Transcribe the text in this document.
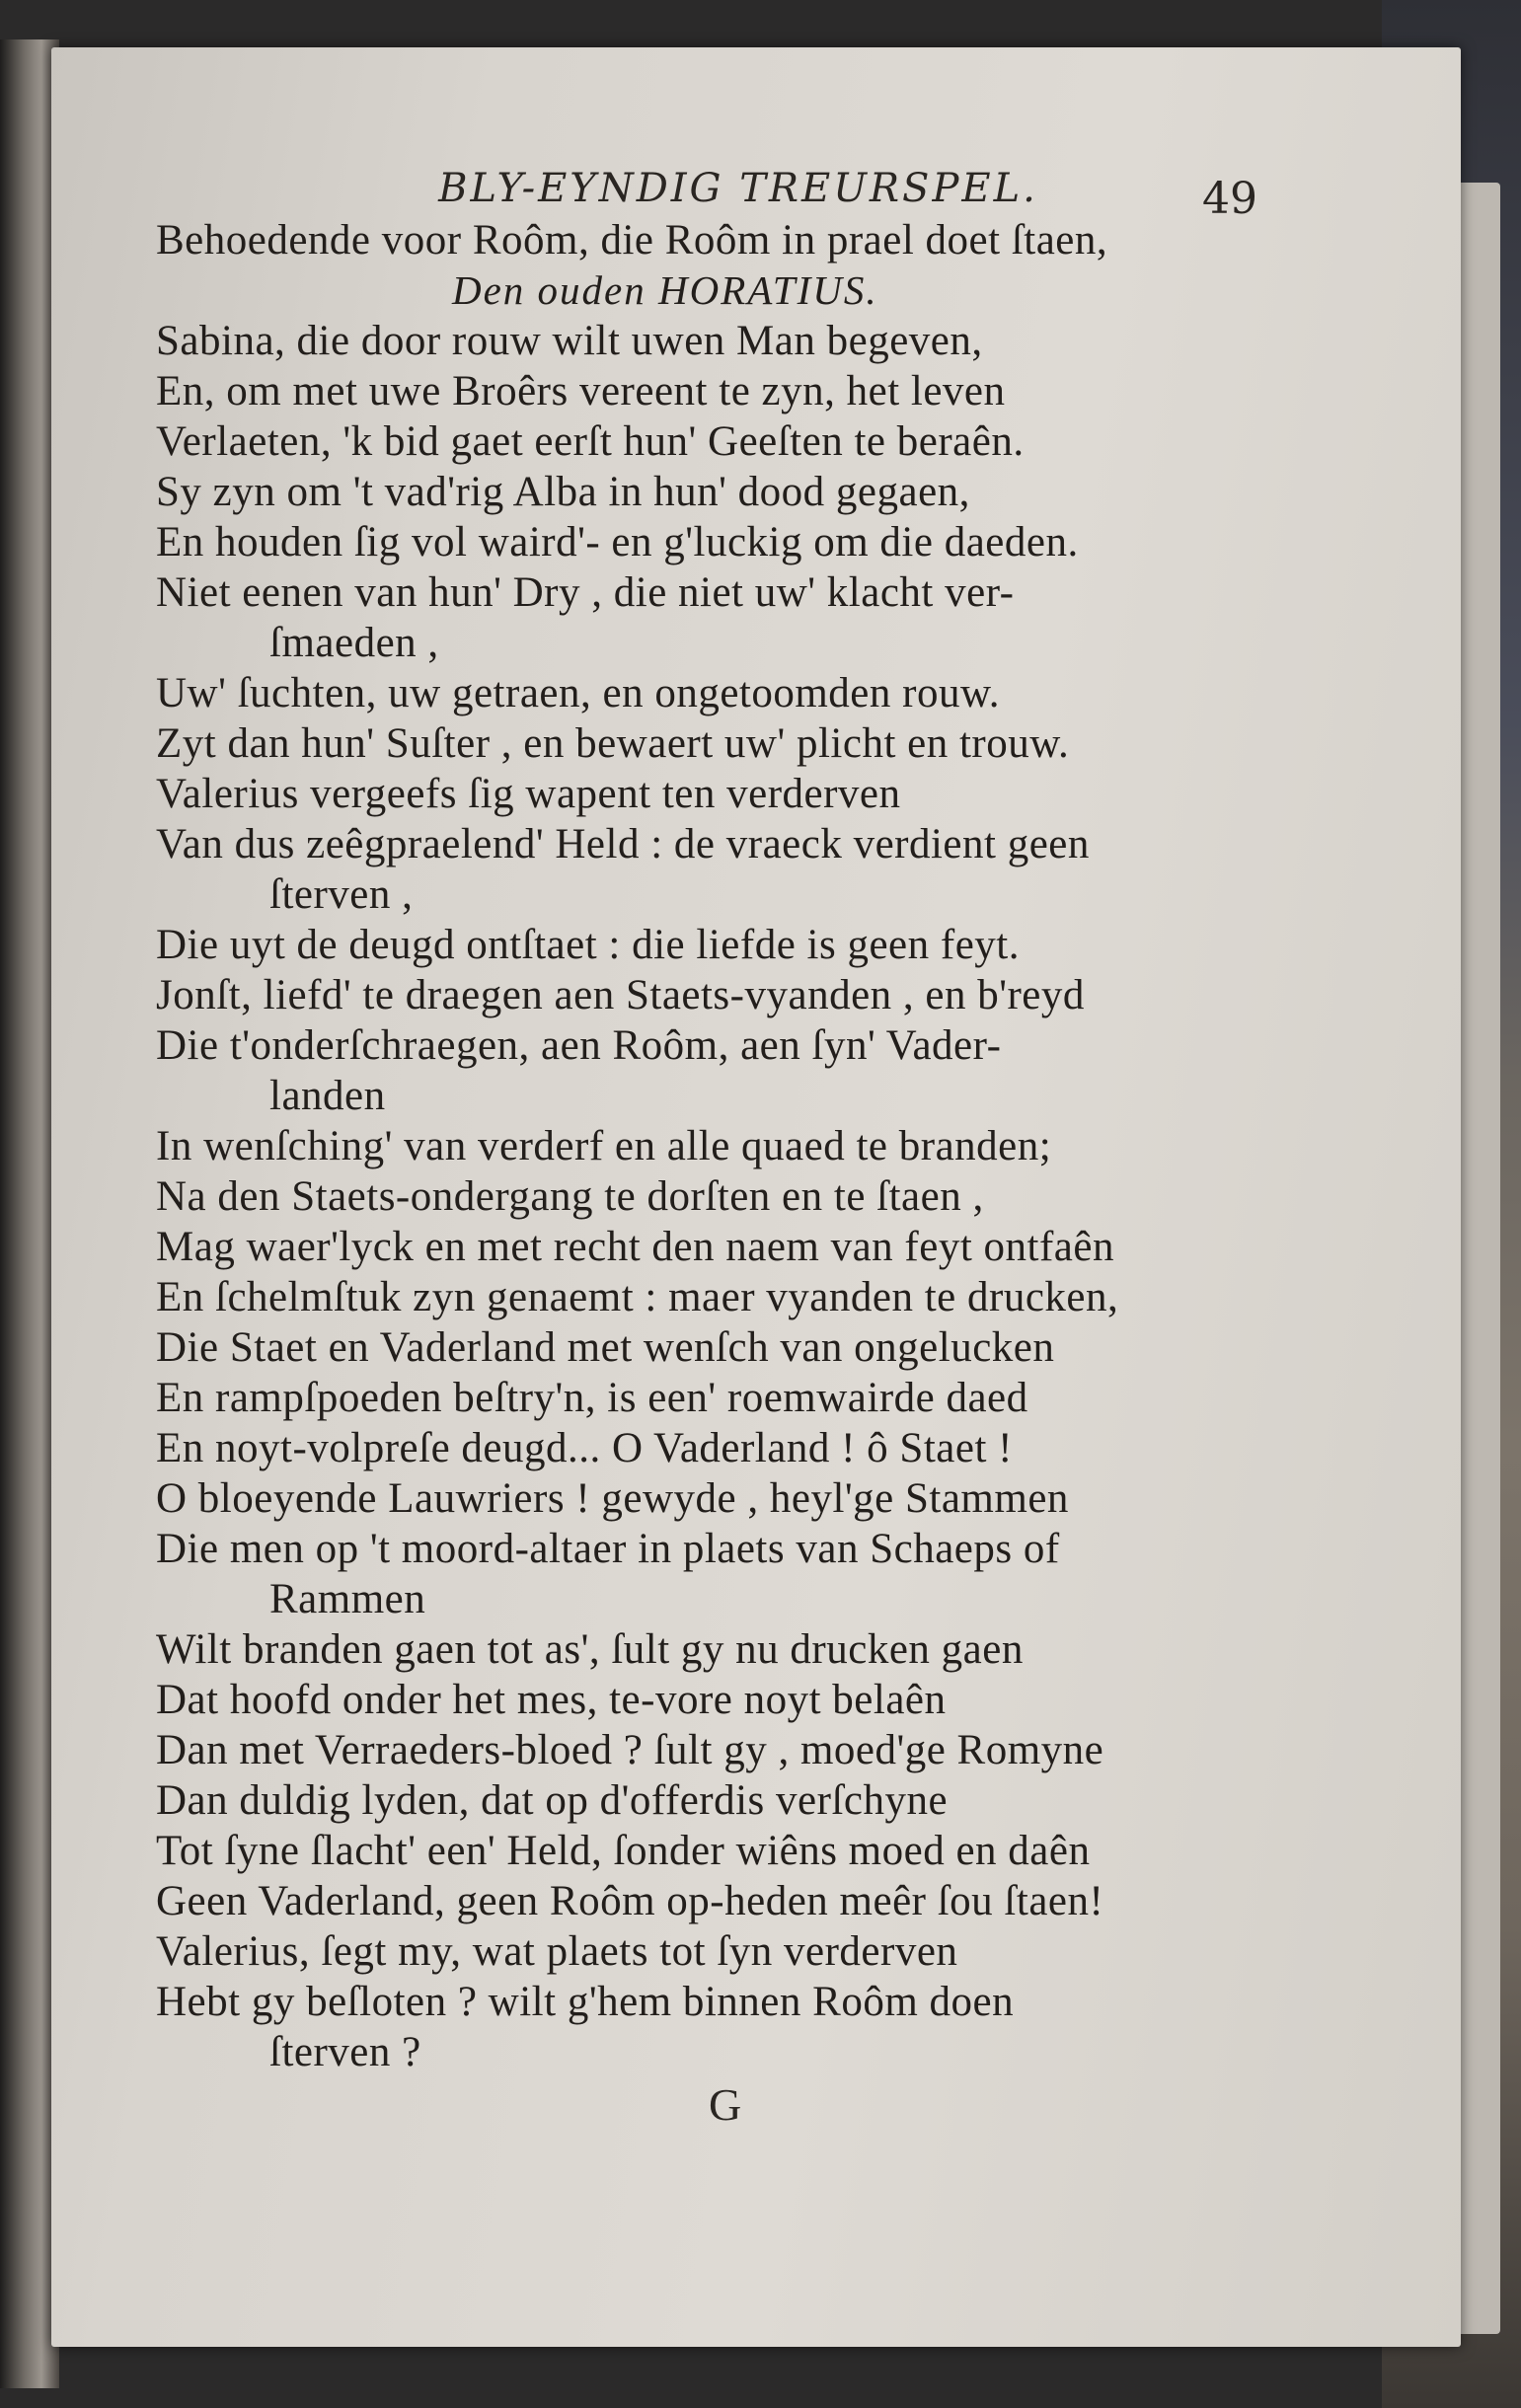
BLY-EYNDIG TREURSPEL.	49
Behoedende voor Roôm, die Roôm in prael doet ſtaen,
Den ouden HORATIUS.
Sabina, die door rouw wilt uwen Man begeven,
En, om met uwe Broêrs vereent te zyn, het leven
Verlaeten, 'k bid gaet eerſt hun' Geeſten te beraên.
Sy zyn om 't vad'rig Alba in hun' dood gegaen,
En houden ſig vol waird'- en g'luckig om die daeden.
Niet eenen van hun' Dry , die niet uw' klacht ver-
ſmaeden ,
Uw' ſuchten, uw getraen, en ongetoomden rouw.
Zyt dan hun' Suſter , en bewaert uw' plicht en trouw.
Valerius vergeefs ſig wapent ten verderven
Van dus zeêgpraelend' Held : de vraeck verdient geen
ſterven ,
Die uyt de deugd ontſtaet : die liefde is geen feyt.
Jonſt, liefd' te draegen aen Staets-vyanden , en b'reyd
Die t'onderſchraegen, aen Roôm, aen ſyn' Vader-
landen
In wenſching' van verderf en alle quaed te branden;
Na den Staets-ondergang te dorſten en te ſtaen ,
Mag waer'lyck en met recht den naem van feyt ontfaên
En ſchelmſtuk zyn genaemt : maer vyanden te drucken,
Die Staet en Vaderland met wenſch van ongelucken
En rampſpoeden beſtry'n, is een' roemwairde daed
En noyt-volpreſe deugd... O Vaderland ! ô Staet !
O bloeyende Lauwriers ! gewyde , heyl'ge Stammen
Die men op 't moord-altaer in plaets van Schaeps of
Rammen
Wilt branden gaen tot as', ſult gy nu drucken gaen
Dat hoofd onder het mes, te-vore noyt belaên
Dan met Verraeders-bloed ? ſult gy , moed'ge Romyne
Dan duldig lyden, dat op d'offerdis verſchyne
Tot ſyne ſlacht' een' Held, ſonder wiêns moed en daên
Geen Vaderland, geen Roôm op-heden meêr ſou ſtaen!
Valerius, ſegt my, wat plaets tot ſyn verderven
Hebt gy beſloten ? wilt g'hem binnen Roôm doen
ſterven ?
G
